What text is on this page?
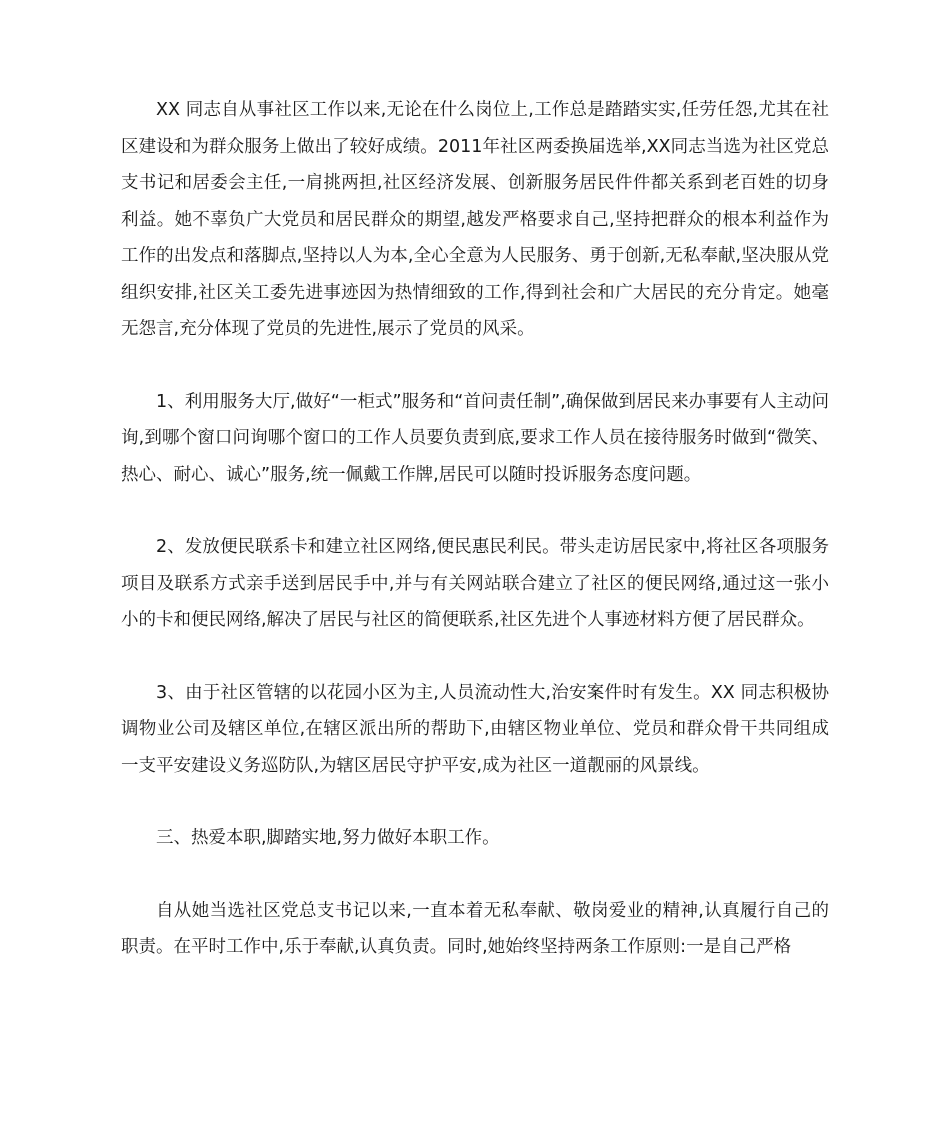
XX 同志自从事社区工作以来,无论在什么岗位上,工作总是踏踏实实,任劳任怨,尤其在社区建设和为群众服务上做出了较好成绩。2011年社区两委换届选举,XX同志当选为社区党总支书记和居委会主任,一肩挑两担,社区经济发展、创新服务居民件件都关系到老百姓的切身利益。她不辜负广大党员和居民群众的期望,越发严格要求自己,坚持把群众的根本利益作为工作的出发点和落脚点,坚持以人为本,全心全意为人民服务、勇于创新,无私奉献,坚决服从党组织安排,社区关工委先进事迹因为热情细致的工作,得到社会和广大居民的充分肯定。她毫无怨言,充分体现了党员的先进性,展示了党员的风采。

1、利用服务大厅,做好“一柜式”服务和“首问责任制”,确保做到居民来办事要有人主动问询,到哪个窗口问询哪个窗口的工作人员要负责到底,要求工作人员在接待服务时做到“微笑、热心、耐心、诚心”服务,统一佩戴工作牌,居民可以随时投诉服务态度问题。

2、发放便民联系卡和建立社区网络,便民惠民利民。带头走访居民家中,将社区各项服务项目及联系方式亲手送到居民手中,并与有关网站联合建立了社区的便民网络,通过这一张小小的卡和便民网络,解决了居民与社区的简便联系,社区先进个人事迹材料方便了居民群众。

3、由于社区管辖的以花园小区为主,人员流动性大,治安案件时有发生。XX 同志积极协调物业公司及辖区单位,在辖区派出所的帮助下,由辖区物业单位、党员和群众骨干共同组成一支平安建设义务巡防队,为辖区居民守护平安,成为社区一道靓丽的风景线。

三、热爱本职,脚踏实地,努力做好本职工作。

自从她当选社区党总支书记以来,一直本着无私奉献、敬岗爱业的精神,认真履行自己的职责。在平时工作中,乐于奉献,认真负责。同时,她始终坚持两条工作原则:一是自己严格
